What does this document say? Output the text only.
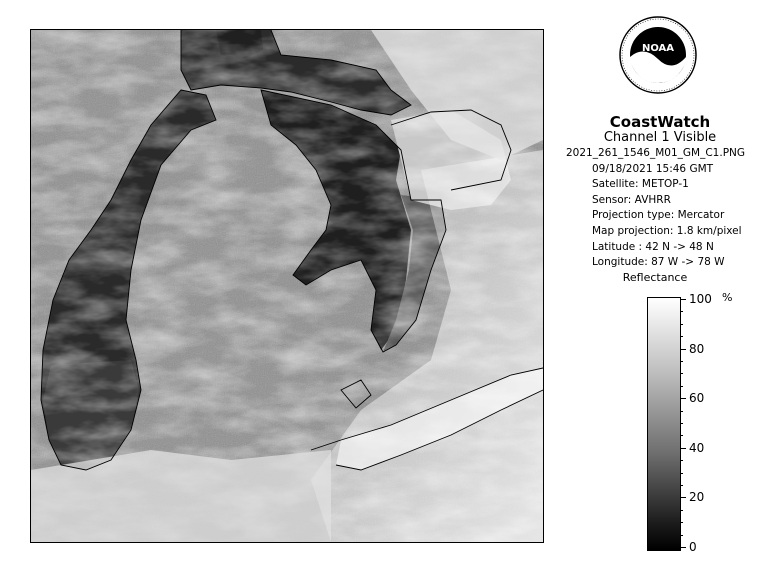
NOAA
CoastWatch
Channel 1 Visible
2021_261_1546_M01_GM_C1.PNG
09/18/2021 15:46 GMT
Satellite: METOP-1
Sensor: AVHRR
Projection type: Mercator
Map projection: 1.8 km/pixel
Latitude : 42 N -> 48 N
Longitude: 87 W -> 78 W
Reflectance
%
100
80
60
40
20
0
